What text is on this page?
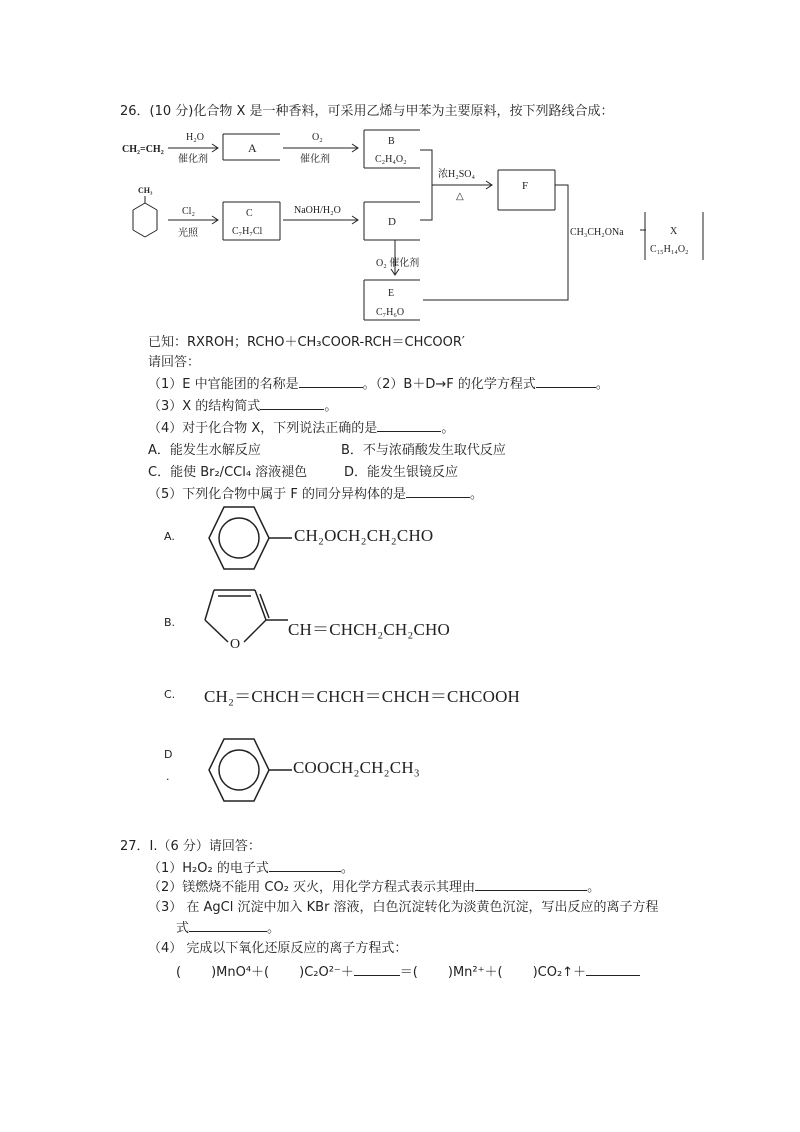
26．(10 分)化合物 X 是一种香料，可采用乙烯与甲苯为主要原料，按下列路线合成：
CH₂=CH₂
H₂O
催化剂
A
O₂
催化剂
B
C₂H₄O₂
浓H₂SO₄
△
F
CH₃
Cl₂
光照
C
C₇H₇Cl
NaOH/H₂O
D
O₂ 催化剂
E
C₇H₆O
CH₃CH₂ONa	X
C₁₅H₁₄O₂
已知：RXROH；RCHO＋CH₃COOR-RCH＝CHCOOR′
请回答：
（1）E 中官能团的名称是	。（2）B＋D→F 的化学方程式	。
（3）X 的结构简式	。
（4）对于化合物 X，下列说法正确的是	。
A．能发生水解反应	B．不与浓硝酸发生取代反应
C．能使 Br₂/CCl₄ 溶液褪色	D．能发生银镜反应
（5）下列化合物中属于 F 的同分异构体的是	。
A.	CH₂OCH₂CH₂CHO
B.
O
CH＝CHCH₂CH₂CHO
C. CH₂＝CHCH＝CHCH＝CHCH＝CHCOOH
D
.	COOCH₂CH₂CH₃
27．Ⅰ.（6 分）请回答：
（1）H₂O₂ 的电子式	。
（2）镁燃烧不能用 CO₂ 灭火，用化学方程式表示其理由	。
（3） 在 AgCl 沉淀中加入 KBr 溶液，白色沉淀转化为淡黄色沉淀，写出反应的离子方程
式	。
（4） 完成以下氧化还原反应的离子方程式：
( )MnO⁴＋( )C₂O²⁻＋	＝( )Mn²⁺＋( )CO₂↑＋
